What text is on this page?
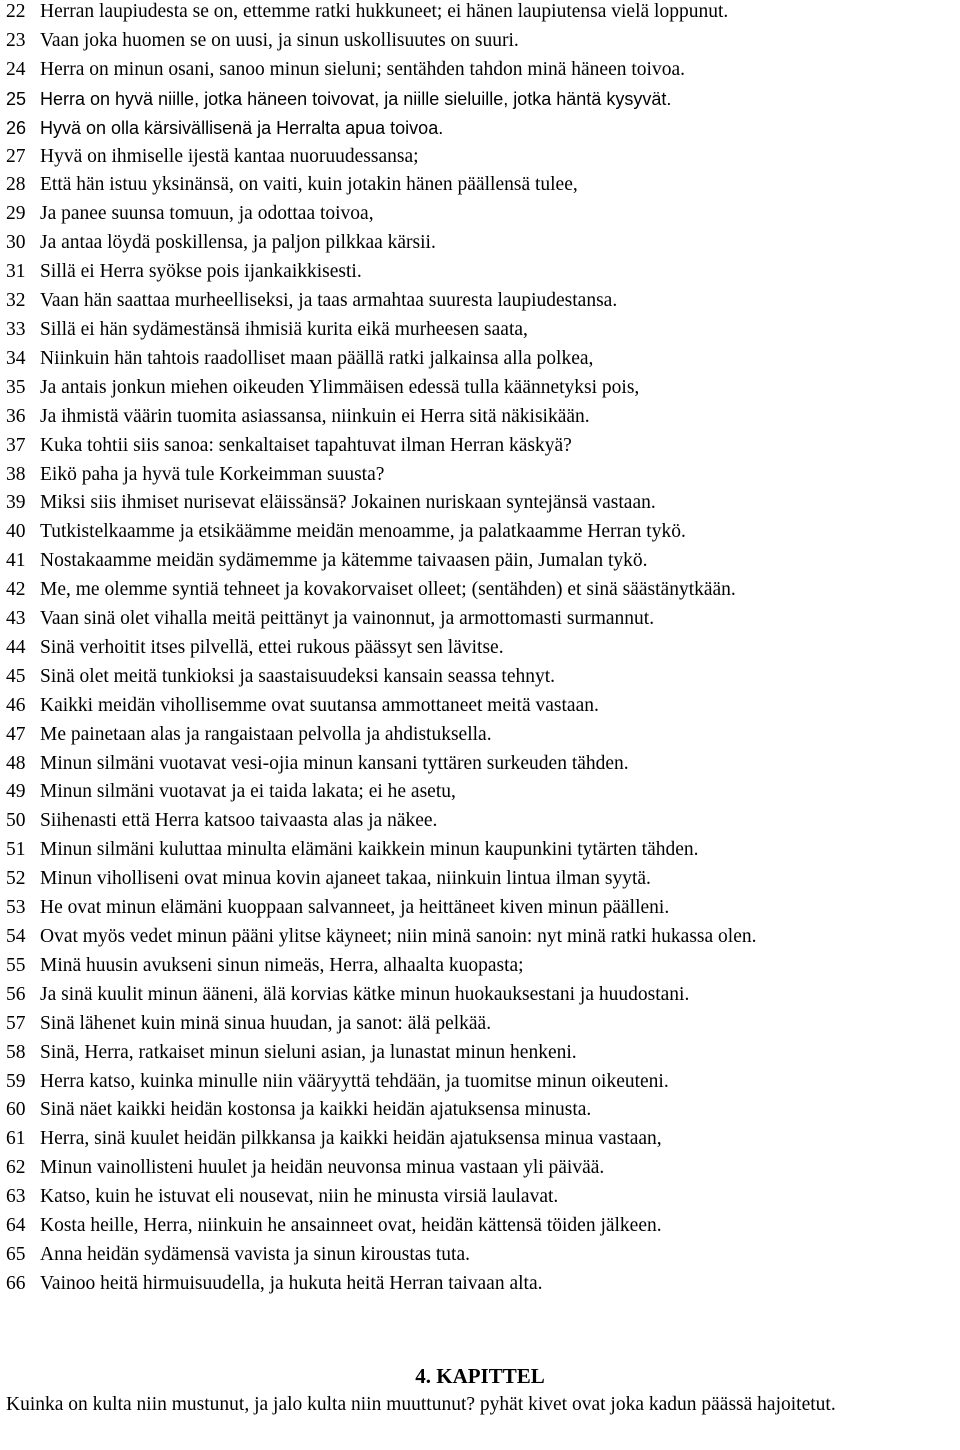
22 Herran laupiudesta se on, ettemme ratki hukkuneet; ei hänen laupiutensa vielä loppunut.
23 Vaan joka huomen se on uusi, ja sinun uskollisuutes on suuri.
24 Herra on minun osani, sanoo minun sieluni; sentähden tahdon minä häneen toivoa.
25 Herra on hyvä niille, jotka häneen toivovat, ja niille sieluille, jotka häntä kysyvät.
26 Hyvä on olla kärsivällisenä ja Herralta apua toivoa.
27 Hyvä on ihmiselle ijestä kantaa nuoruudessansa;
28 Että hän istuu yksinänsä, on vaiti, kuin jotakin hänen päällensä tulee,
29 Ja panee suunsa tomuun, ja odottaa toivoa,
30 Ja antaa löydä poskillensa, ja paljon pilkkaa kärsii.
31 Sillä ei Herra syökse pois ijankaikkisesti.
32 Vaan hän saattaa murheelliseksi, ja taas armahtaa suuresta laupiudestansa.
33 Sillä ei hän sydämestänsä ihmisiä kurita eikä murheesen saata,
34 Niinkuin hän tahtois raadolliset maan päällä ratki jalkainsa alla polkea,
35 Ja antais jonkun miehen oikeuden Ylimmäisen edessä tulla käännetyksi pois,
36 Ja ihmistä väärin tuomita asiassansa, niinkuin ei Herra sitä näkisikään.
37 Kuka tohtii siis sanoa: senkaltaiset tapahtuvat ilman Herran käskyä?
38 Eikö paha ja hyvä tule Korkeimman suusta?
39 Miksi siis ihmiset nurisevat eläissänsä? Jokainen nuriskaan syntejänsä vastaan.
40 Tutkistelkaamme ja etsikäämme meidän menoamme, ja palatkaamme Herran tykö.
41 Nostakaamme meidän sydämemme ja kätemme taivaasen päin, Jumalan tykö.
42 Me, me olemme syntiä tehneet ja kovakorvaiset olleet; (sentähden) et sinä säästänytkään.
43 Vaan sinä olet vihalla meitä peittänyt ja vainonnut, ja armottomasti surmannut.
44 Sinä verhoitit itses pilvellä, ettei rukous päässyt sen lävitse.
45 Sinä olet meitä tunkioksi ja saastaisuudeksi kansain seassa tehnyt.
46 Kaikki meidän vihollisemme ovat suutansa ammottaneet meitä vastaan.
47 Me painetaan alas ja rangaistaan pelvolla ja ahdistuksella.
48 Minun silmäni vuotavat vesi-ojia minun kansani tyttären surkeuden tähden.
49 Minun silmäni vuotavat ja ei taida lakata; ei he asetu,
50 Siihenasti että Herra katsoo taivaasta alas ja näkee.
51 Minun silmäni kuluttaa minulta elämäni kaikkein minun kaupunkini tytärten tähden.
52 Minun viholliseni ovat minua kovin ajaneet takaa, niinkuin lintua ilman syytä.
53 He ovat minun elämäni kuoppaan salvanneet, ja heittäneet kiven minun päälleni.
54 Ovat myös vedet minun pääni ylitse käyneet; niin minä sanoin: nyt minä ratki hukassa olen.
55 Minä huusin avukseni sinun nimeäs, Herra, alhaalta kuopasta;
56 Ja sinä kuulit minun ääneni, älä korvias kätke minun huokauksestani ja huudostani.
57 Sinä lähenet kuin minä sinua huudan, ja sanot: älä pelkää.
58 Sinä, Herra, ratkaiset minun sieluni asian, ja lunastat minun henkeni.
59 Herra katso, kuinka minulle niin vääryyttä tehdään, ja tuomitse minun oikeuteni.
60 Sinä näet kaikki heidän kostonsa ja kaikki heidän ajatuksensa minusta.
61 Herra, sinä kuulet heidän pilkkansa ja kaikki heidän ajatuksensa minua vastaan,
62 Minun vainollisteni huulet ja heidän neuvonsa minua vastaan yli päivää.
63 Katso, kuin he istuvat eli nousevat, niin he minusta virsiä laulavat.
64 Kosta heille, Herra, niinkuin he ansainneet ovat, heidän kättensä töiden jälkeen.
65 Anna heidän sydämensä vavista ja sinun kiroustas tuta.
66 Vainoo heitä hirmuisuudella, ja hukuta heitä Herran taivaan alta.
4. KAPITTEL

Kuinka on kulta niin mustunut, ja jalo kulta niin muuttunut? pyhät kivet ovat joka kadun päässä hajoitetut.
